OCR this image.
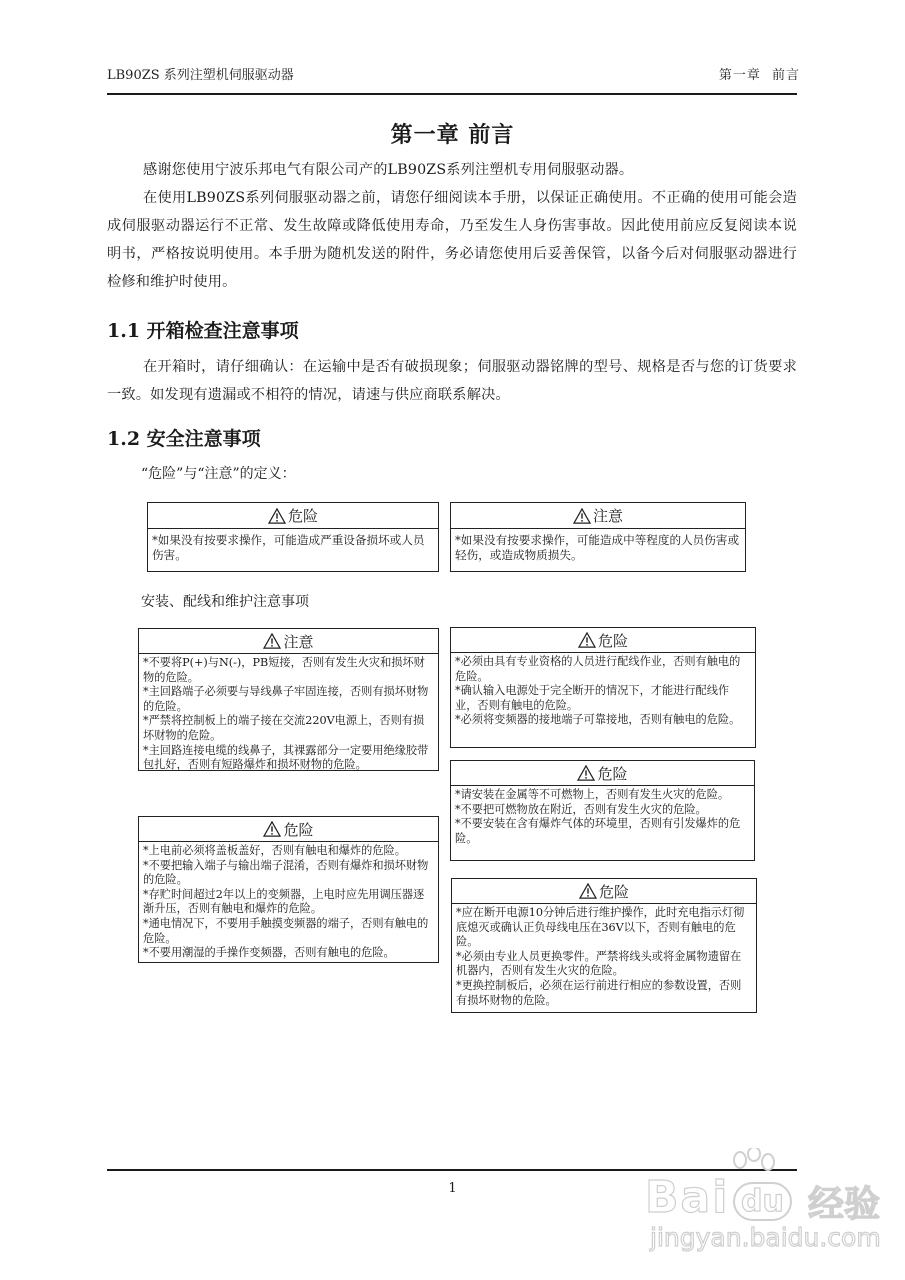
LB90ZS 系列注塑机伺服驱动器	第一章 前言
第一章 前言
感谢您使用宁波乐邦电气有限公司产的LB90ZS系列注塑机专用伺服驱动器。
在使用LB90ZS系列伺服驱动器之前，请您仔细阅读本手册，以保证正确使用。不正确的使用可能会造成伺服驱动器运行不正常、发生故障或降低使用寿命，乃至发生人身伤害事故。因此使用前应反复阅读本说明书，严格按说明使用。本手册为随机发送的附件，务必请您使用后妥善保管，以备今后对伺服驱动器进行检修和维护时使用。
1.1 开箱检查注意事项
在开箱时，请仔细确认：在运输中是否有破损现象；伺服驱动器铭牌的型号、规格是否与您的订货要求一致。如发现有遗漏或不相符的情况，请速与供应商联系解决。
1.2 安全注意事项
“危险”与“注意”的定义：
危险

*如果没有按要求操作，可能造成严重设备损坏或人员伤害。

注意

*如果没有按要求操作，可能造成中等程度的人员伤害或轻伤，或造成物质损失。

安装、配线和维护注意事项
注意

*不要将P(+)与N(-)，PB短接，否则有发生火灾和损坏财物的危险。

*主回路端子必须要与导线鼻子牢固连接，否则有损坏财物的危险。

*严禁将控制板上的端子接在交流220V电源上，否则有损坏财物的危险。

*主回路连接电缆的线鼻子，其裸露部分一定要用绝缘胶带包扎好，否则有短路爆炸和损坏财物的危险。

危险

*必须由具有专业资格的人员进行配线作业，否则有触电的危险。

*确认输入电源处于完全断开的情况下，才能进行配线作业，否则有触电的危险。

*必须将变频器的接地端子可靠接地，否则有触电的危险。

危险

*请安装在金属等不可燃物上，否则有发生火灾的危险。

*不要把可燃物放在附近，否则有发生火灾的危险。

*不要安装在含有爆炸气体的环境里，否则有引发爆炸的危险。

危险

*上电前必须将盖板盖好，否则有触电和爆炸的危险。

*不要把输入端子与输出端子混淆，否则有爆炸和损坏财物的危险。

*存贮时间超过2年以上的变频器，上电时应先用调压器逐渐升压，否则有触电和爆炸的危险。

*通电情况下，不要用手触摸变频器的端子，否则有触电的危险。

*不要用潮湿的手操作变频器，否则有触电的危险。

危险

*应在断开电源10分钟后进行维护操作，此时充电指示灯彻底熄灭或确认正负母线电压在36V以下，否则有触电的危险。

*必须由专业人员更换零件。严禁将线头或将金属物遗留在机器内，否则有发生火灾的危险。

*更换控制板后，必须在运行前进行相应的参数设置，否则有损坏财物的危险。

1	Bai du 经验
jingyan.baidu.com
